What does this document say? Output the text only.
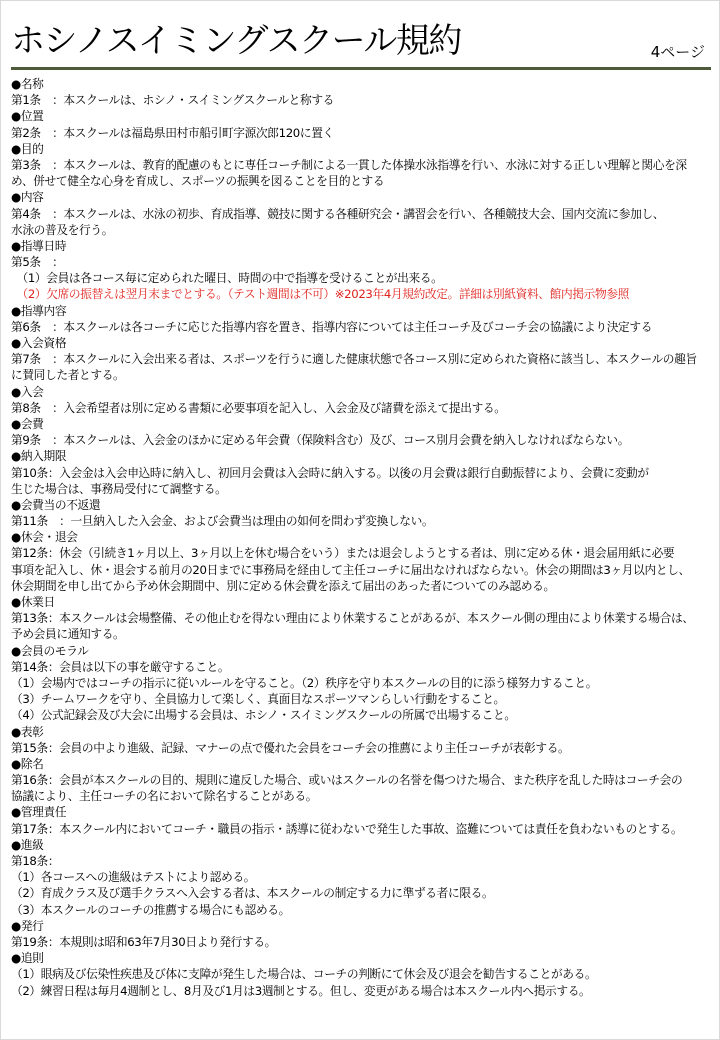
ホシノスイミングスクール規約	4ページ
●名称
第1条　：本スクールは、ホシノ・スイミングスクールと称する
●位置
第2条　：本スクールは福島県田村市船引町字源次郎120に置く
●目的
第3条　：本スクールは、教育的配慮のもとに専任コーチ制による一貫した体操水泳指導を行い、水泳に対する正しい理解と関心を深
め、併せて健全な心身を育成し、スポーツの振興を図ることを目的とする
●内容
第4条　：本スクールは、水泳の初歩、育成指導、競技に関する各種研究会・講習会を行い、各種競技大会、国内交流に参加し、
水泳の普及を行う。
●指導日時
第5条　：
　（1）会員は各コース毎に定められた曜日、時間の中で指導を受けることが出来る。
　（2）欠席の振替えは翌月末までとする。（テスト週間は不可）※2023年4月規約改定。詳細は別紙資料、館内掲示物参照
●指導内容
第6条　：本スクールは各コーチに応じた指導内容を置き、指導内容については主任コーチ及びコーチ会の協議により決定する
●入会資格
第7条　：本スクールに入会出来る者は、スポーツを行うに適した健康状態で各コース別に定められた資格に該当し、本スクールの趣旨
に賛同した者とする。
●入会
第8条　：入会希望者は別に定める書類に必要事項を記入し、入会金及び諸費を添えて提出する。
●会費
第9条　：本スクールは、入会金のほかに定める年会費（保険料含む）及び、コース別月会費を納入しなければならない。
●納入期限
第10条：入会金は入会申込時に納入し、初回月会費は入会時に納入する。以後の月会費は銀行自動振替により、会費に変動が
生じた場合は、事務局受付にて調整する。
●会費当の不返還
第11条　：一旦納入した入会金、および会費当は理由の如何を問わず変換しない。
●休会・退会
第12条：休会（引続き1ヶ月以上、3ヶ月以上を休む場合をいう）または退会しようとする者は、別に定める休・退会届用紙に必要
事項を記入し、休・退会する前月の20日までに事務局を経由して主任コーチに届出なければならない。休会の期間は3ヶ月以内とし、
休会期間を申し出てから予め休会期間中、別に定める休会費を添えて届出のあった者についてのみ認める。
●休業日
第13条：本スクールは会場整備、その他止むを得ない理由により休業することがあるが、本スクール側の理由により休業する場合は、
予め会員に通知する。
●会員のモラル
第14条：会員は以下の事を厳守すること。
（1）会場内ではコーチの指示に従いルールを守ること。（2）秩序を守り本スクールの目的に添う様努力すること。
（3）チームワークを守り、全員協力して楽しく、真面目なスポーツマンらしい行動をすること。
（4）公式記録会及び大会に出場する会員は、ホシノ・スイミングスクールの所属で出場すること。
●表彰
第15条：会員の中より進級、記録、マナーの点で優れた会員をコーチ会の推薦により主任コーチが表彰する。
●除名
第16条：会員が本スクールの目的、規則に違反した場合、或いはスクールの名誉を傷つけた場合、また秩序を乱した時はコーチ会の
協議により、主任コーチの名において除名することがある。
●管理責任
第17条：本スクール内においてコーチ・職員の指示・誘導に従わないで発生した事故、盗難については責任を負わないものとする。
●進級
第18条：
（1）各コースへの進級はテストにより認める。
（2）育成クラス及び選手クラスへ入会する者は、本スクールの制定する力に準ずる者に限る。
（3）本スクールのコーチの推薦する場合にも認める。
●発行
第19条：本規則は昭和63年7月30日より発行する。
●追則
（1）眼病及び伝染性疾患及び体に支障が発生した場合は、コーチの判断にて休会及び退会を勧告することがある。
（2）練習日程は毎月4週制とし、8月及び1月は3週制とする。但し、変更がある場合は本スクール内へ掲示する。
